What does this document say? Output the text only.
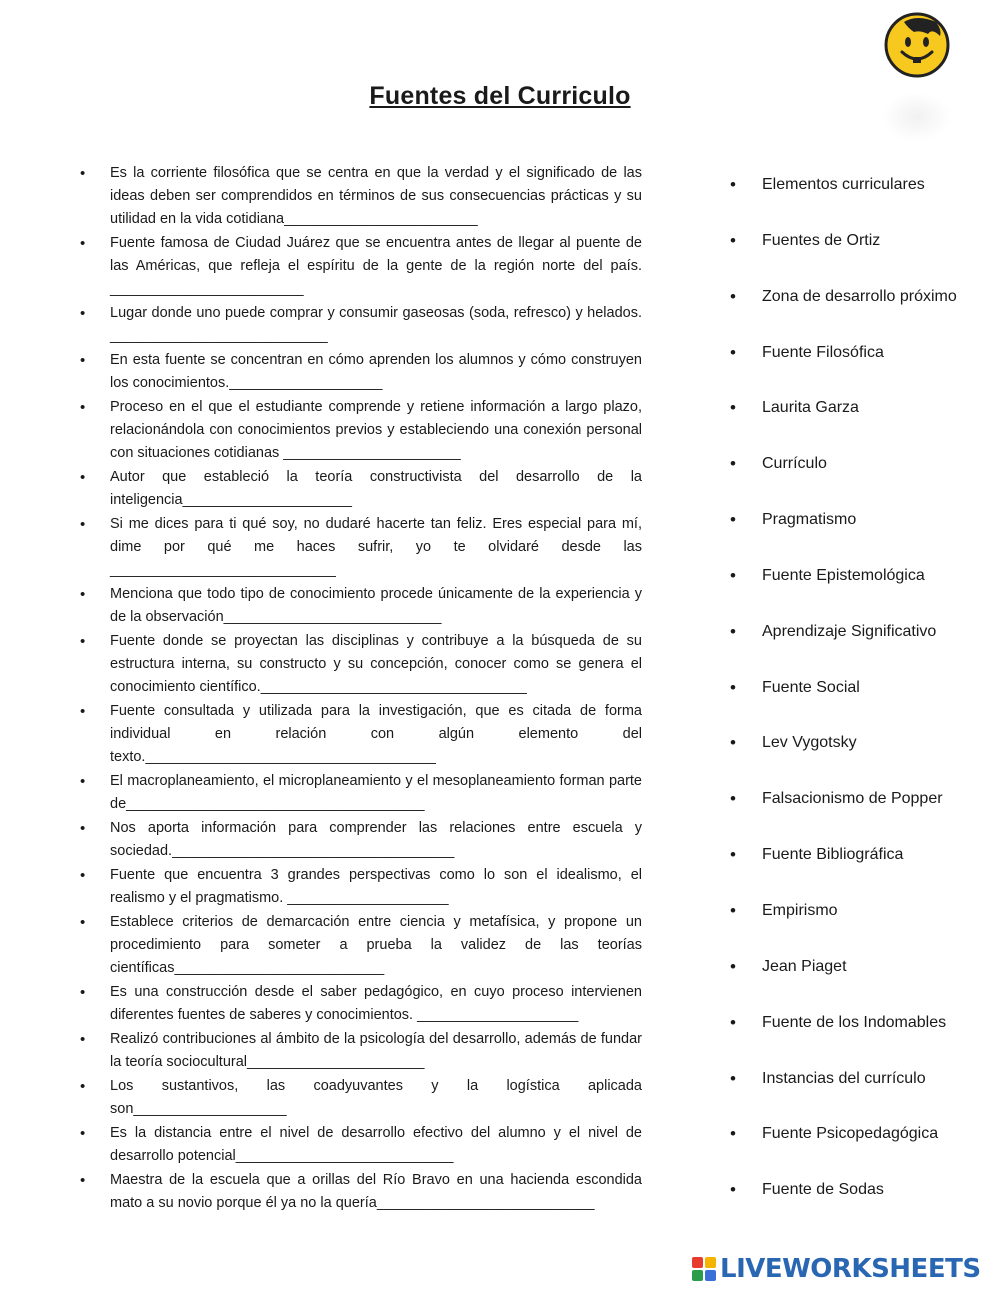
Fuentes del Curriculo
• Es la corriente filosófica que se centra en que la verdad y el significado de las ideas deben ser comprendidos en términos de sus consecuencias prácticas y su utilidad en la vida cotidiana________________________
• Fuente famosa de Ciudad Juárez que se encuentra antes de llegar al puente de las Américas, que refleja el espíritu de la gente de la región norte del país. ________________________
• Lugar donde uno puede comprar y consumir gaseosas (soda, refresco) y helados. ___________________________
• En esta fuente se concentran en cómo aprenden los alumnos y cómo construyen los conocimientos.___________________
• Proceso en el que el estudiante comprende y retiene información a largo plazo, relacionándola con conocimientos previos y estableciendo una conexión personal con situaciones cotidianas ______________________
• Autor que estableció la teoría constructivista del desarrollo de la inteligencia_____________________
• Si me dices para ti qué soy, no dudaré hacerte tan feliz. Eres especial para mí, dime por qué me haces sufrir, yo te olvidaré desde las ____________________________
• Menciona que todo tipo de conocimiento procede únicamente de la experiencia y de la observación___________________________
• Fuente donde se proyectan las disciplinas y contribuye a la búsqueda de su estructura interna, su constructo y su concepción, conocer como se genera el conocimiento científico._________________________________
• Fuente consultada y utilizada para la investigación, que es citada de forma individual en relación con algún elemento del texto.____________________________________
• El macroplaneamiento, el microplaneamiento y el mesoplaneamiento forman parte de_____________________________________
• Nos aporta información para comprender las relaciones entre escuela y sociedad.___________________________________
• Fuente que encuentra 3 grandes perspectivas como lo son el idealismo, el realismo y el pragmatismo. ____________________
• Establece criterios de demarcación entre ciencia y metafísica, y propone un procedimiento para someter a prueba la validez de las teorías científicas__________________________
• Es una construcción desde el saber pedagógico, en cuyo proceso intervienen diferentes fuentes de saberes y conocimientos. ____________________
• Realizó contribuciones al ámbito de la psicología del desarrollo, además de fundar la teoría sociocultural______________________
• Los sustantivos, las coadyuvantes y la logística aplicada son___________________
• Es la distancia entre el nivel de desarrollo efectivo del alumno y el nivel de desarrollo potencial___________________________
• Maestra de la escuela que a orillas del Río Bravo en una hacienda escondida mato a su novio porque él ya no la quería___________________________
• Elementos curriculares
• Fuentes de Ortiz
• Zona de desarrollo próximo
• Fuente Filosófica
• Laurita Garza
• Currículo
• Pragmatismo
• Fuente Epistemológica
• Aprendizaje Significativo
• Fuente Social
• Lev Vygotsky
• Falsacionismo de Popper
• Fuente Bibliográfica
• Empirismo
• Jean Piaget
• Fuente de los Indomables
• Instancias del currículo
• Fuente Psicopedagógica
• Fuente de Sodas
LIVEWORKSHEETS
